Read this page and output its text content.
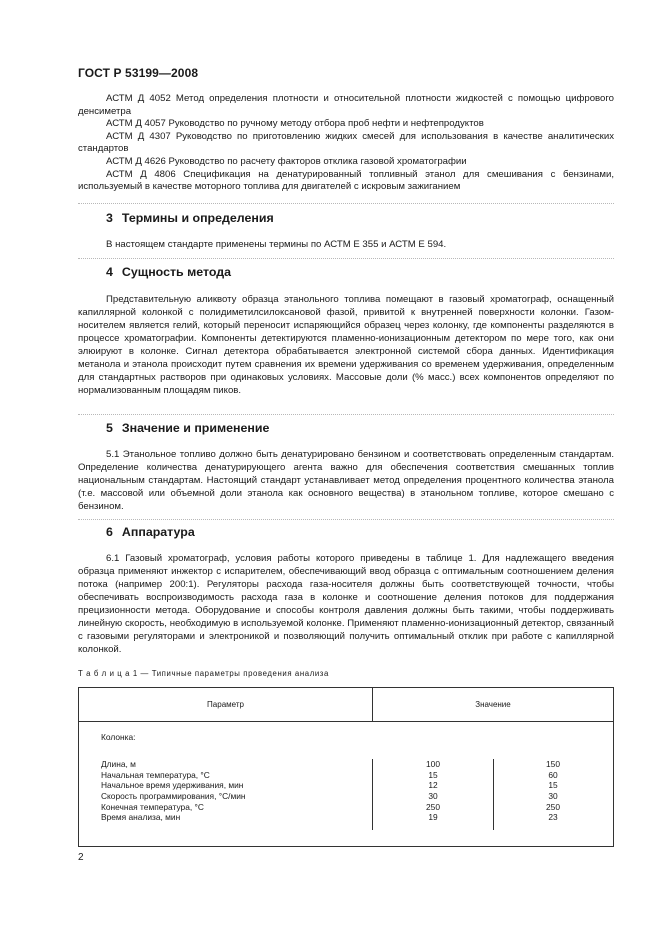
ГОСТ Р 53199—2008

АСТМ Д 4052 Метод определения плотности и относительной плотности жидкостей с помощью цифрового денсиметра

АСТМ Д 4057 Руководство по ручному методу отбора проб нефти и нефтепродуктов

АСТМ Д 4307 Руководство по приготовлению жидких смесей для использования в качестве аналитических стандартов

АСТМ Д 4626 Руководство по расчету факторов отклика газовой хроматографии

АСТМ Д 4806 Спецификация на денатурированный топливный этанол для смешивания с бензинами, используемый в качестве моторного топлива для двигателей с искровым зажиганием

3 Термины и определения

В настоящем стандарте применены термины по АСТМ Е 355 и АСТМ Е 594.

4 Сущность метода

Представительную аликвоту образца этанольного топлива помещают в газовый хроматограф, оснащенный капиллярной колонкой с полидиметилсилоксановой фазой, привитой к внутренней поверхности колонки. Газом-носителем является гелий, который переносит испаряющийся образец через колонку, где компоненты разделяются в процессе хроматографии. Компоненты детектируются пламенно-ионизационным детектором по мере того, как они элюируют в колонке. Сигнал детектора обрабатывается электронной системой сбора данных. Идентификация метанола и этанола происходит путем сравнения их времени удерживания со временем удерживания, определенным для стандартных растворов при одинаковых условиях. Массовые доли (% масс.) всех компонентов определяют по нормализованным площадям пиков.

5 Значение и применение

5.1 Этанольное топливо должно быть денатурировано бензином и соответствовать определенным стандартам. Определение количества денатурирующего агента важно для обеспечения соответствия смешанных топлив национальным стандартам. Настоящий стандарт устанавливает метод определения процентного количества этанола (т.е. массовой или объемной доли этанола как основного вещества) в этанольном топливе, которое смешано с бензином.

6 Аппаратура

6.1 Газовый хроматограф, условия работы которого приведены в таблице 1. Для надлежащего введения образца применяют инжектор с испарителем, обеспечивающий ввод образца с оптимальным соотношением деления потока (например 200:1). Регуляторы расхода газа-носителя должны быть соответствующей точности, чтобы обеспечивать воспроизводимость расхода газа в колонке и соотношение деления потоков для поддержания прецизионности метода. Оборудование и способы контроля давления должны быть такими, чтобы поддерживать линейную скорость, необходимую в используемой колонке. Применяют пламенно-ионизационный детектор, связанный с газовыми регуляторами и электроникой и позволяющий получить оптимальный отклик при работе с капиллярной колонкой.

Т а б л и ц а 1 — Типичные параметры проведения анализа
Параметр	Значение
Колонка:
Длина, м	100	150
Начальная температура, °С	15	60
Начальное время удерживания, мин	12	15
Скорость программирования, °С/мин	30	30
Конечная температура, °С	250	250
Время анализа, мин	19	23
2
